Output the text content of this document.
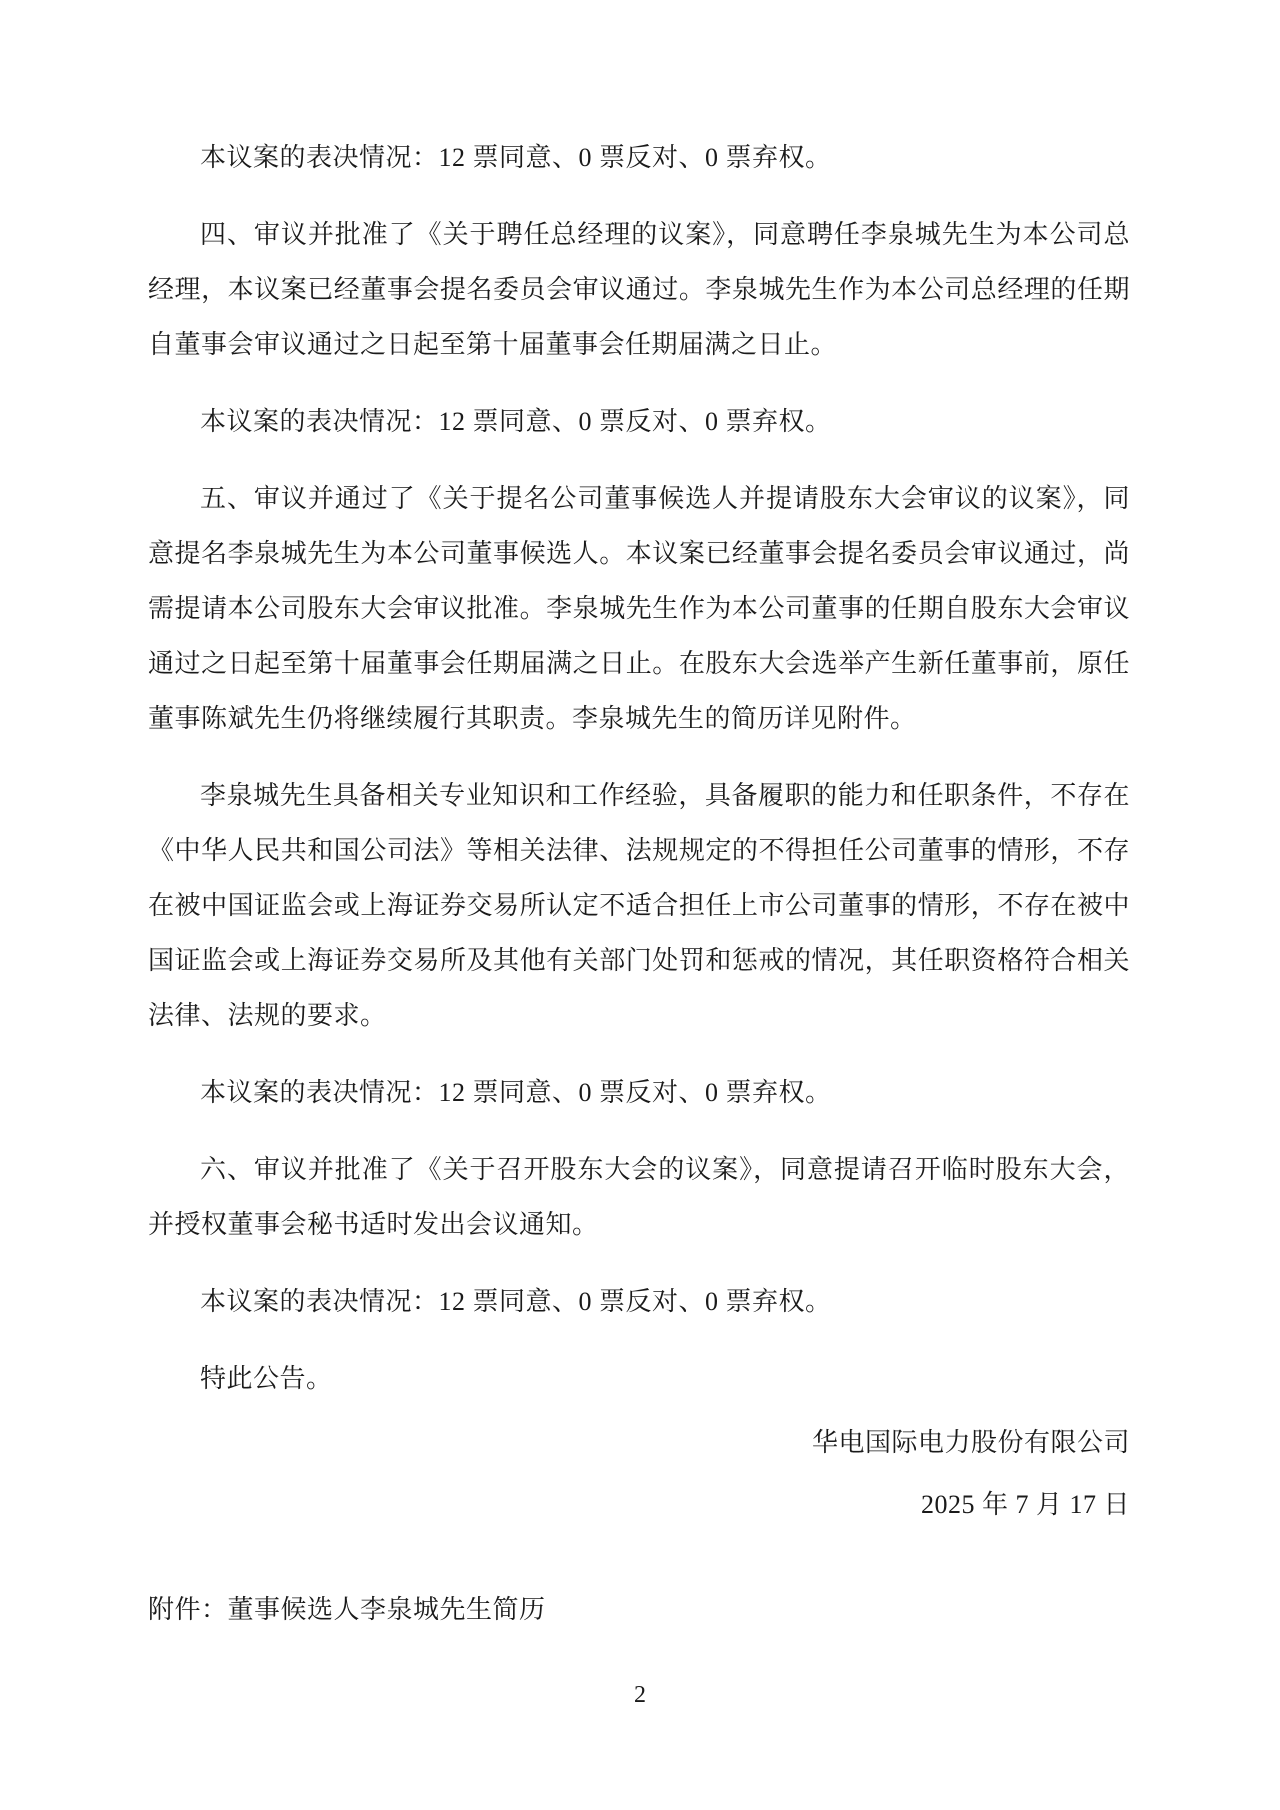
本议案的表决情况：12 票同意、0 票反对、0 票弃权。

四、审议并批准了《关于聘任总经理的议案》，同意聘任李泉城先生为本公司总经理，本议案已经董事会提名委员会审议通过。李泉城先生作为本公司总经理的任期自董事会审议通过之日起至第十届董事会任期届满之日止。

本议案的表决情况：12 票同意、0 票反对、0 票弃权。

五、审议并通过了《关于提名公司董事候选人并提请股东大会审议的议案》，同意提名李泉城先生为本公司董事候选人。本议案已经董事会提名委员会审议通过，尚需提请本公司股东大会审议批准。李泉城先生作为本公司董事的任期自股东大会审议通过之日起至第十届董事会任期届满之日止。在股东大会选举产生新任董事前，原任董事陈斌先生仍将继续履行其职责。李泉城先生的简历详见附件。

李泉城先生具备相关专业知识和工作经验，具备履职的能力和任职条件，不存在《中华人民共和国公司法》等相关法律、法规规定的不得担任公司董事的情形，不存在被中国证监会或上海证券交易所认定不适合担任上市公司董事的情形，不存在被中国证监会或上海证券交易所及其他有关部门处罚和惩戒的情况，其任职资格符合相关法律、法规的要求。

本议案的表决情况：12 票同意、0 票反对、0 票弃权。

六、审议并批准了《关于召开股东大会的议案》，同意提请召开临时股东大会，并授权董事会秘书适时发出会议通知。

本议案的表决情况：12 票同意、0 票反对、0 票弃权。

特此公告。

华电国际电力股份有限公司

2025 年 7 月 17 日

附件：董事候选人李泉城先生简历

2
